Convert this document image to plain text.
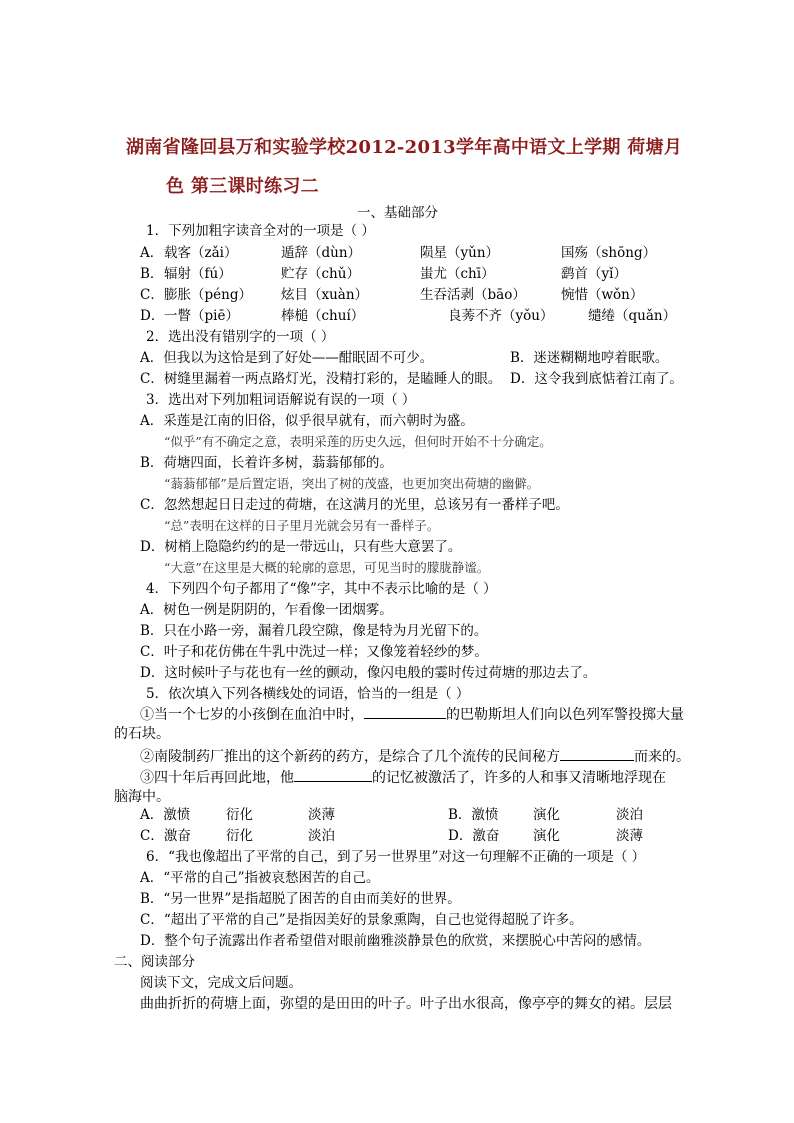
湖南省隆回县万和实验学校2012-2013学年高中语文上学期 荷塘月
色 第三课时练习二
一、基础部分
1．下列加粗字读音全对的一项是（ ）
A． 载客（zǎi）	遁辞（dùn）	陨星（yǔn）	国殇（shōng）
B． 辐射（fú）	贮存（chǔ）	蚩尤（chī）	鹞首（yǐ）
C． 膨胀（péng） 炫目（xuàn）	生吞活剥（bāo）	惋惜（wǒn）
D． 一瞥（piē）	棒槌（chuí）	良莠不齐（yǒu）	缱绻（quǎn）
2．选出没有错别字的一项（ ）
A．但我以为这恰是到了好处——酣眠固不可少。	B．迷迷糊糊地哼着眠歌。
C．树缝里漏着一两点路灯光，没精打彩的，是瞌睡人的眼。 D．这令我到底惦着江南了。
3．选出对下列加粗词语解说有误的一项（ ）
A．采莲是江南的旧俗，似乎很早就有，而六朝时为盛。
“似乎”有不确定之意，表明采莲的历史久远，但何时开始不十分确定。
B．荷塘四面，长着许多树，蓊蓊郁郁的。
“蓊蓊郁郁”是后置定语，突出了树的茂盛，也更加突出荷塘的幽僻。
C．忽然想起日日走过的荷塘，在这满月的光里，总该另有一番样子吧。
“总”表明在这样的日子里月光就会另有一番样子。
D．树梢上隐隐约约的是一带远山，只有些大意罢了。
“大意”在这里是大概的轮廓的意思，可见当时的朦胧静谧。
4．下列四个句子都用了“像”字，其中不表示比喻的是（ ）
A．树色一例是阴阴的，乍看像一团烟雾。
B．只在小路一旁，漏着几段空隙，像是特为月光留下的。
C．叶子和花仿佛在牛乳中洗过一样；又像笼着轻纱的梦。
D．这时候叶子与花也有一丝的颤动，像闪电般的霎时传过荷塘的那边去了。
5．依次填入下列各横线处的词语，恰当的一组是（ ）
①当一个七岁的小孩倒在血泊中时，	的巴勒斯坦人们向以色列军警投掷大量
的石块。
②南陵制药厂推出的这个新药的药方，是综合了几个流传的民间秘方	而来的。
③四十年后再回此地，他	的记忆被激活了，许多的人和事又清晰地浮现在
脑海中。
A．激愤	衍化	淡薄	B．激愤	演化	淡泊
C．激奋	衍化	淡泊	D．激奋 演化	淡薄
6．“我也像超出了平常的自己，到了另一世界里”对这一句理解不正确的一项是（ ）
A．“平常的自己”指被哀愁困苦的自己。
B．“另一世界”是指超脱了困苦的自由而美好的世界。
C．“超出了平常的自己”是指因美好的景象熏陶，自己也觉得超脱了许多。
D．整个句子流露出作者希望借对眼前幽雅淡静景色的欣赏，来摆脱心中苦闷的感情。
二、阅读部分
阅读下文，完成文后问题。
曲曲折折的荷塘上面，弥望的是田田的叶子。叶子出水很高，像亭亭的舞女的裙。层层
